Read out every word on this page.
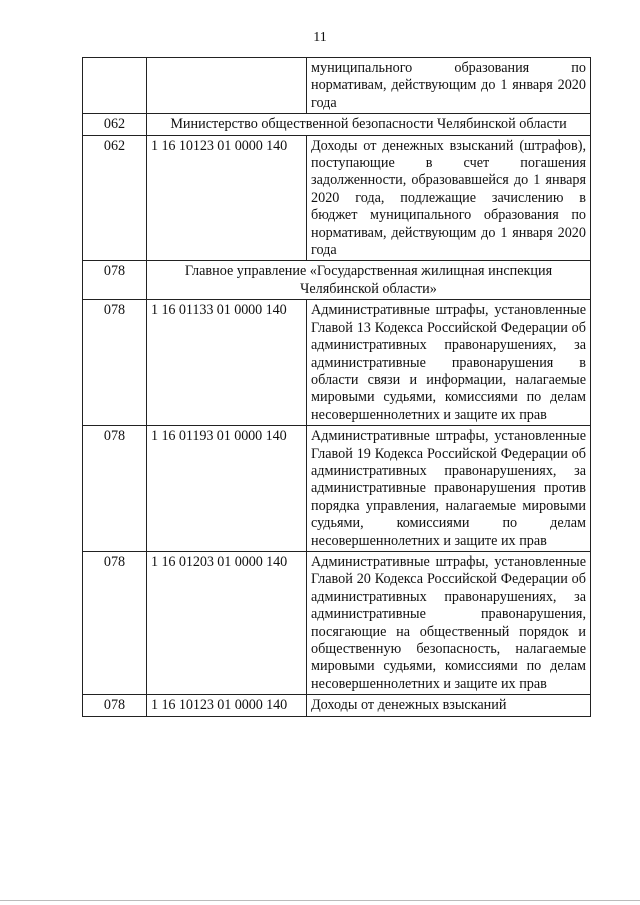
11
		муниципального образования по нормативам, действующим до 1 января 2020 года
062	Министерство общественной безопасности Челябинской области	
062	1 16 10123 01 0000 140	Доходы от денежных взысканий (штрафов), поступающие в счет погашения задолженности, образовавшейся до 1 января 2020 года, подлежащие зачислению в бюджет муниципального образования по нормативам, действующим до 1 января 2020 года
078	Главное управление «Государственная жилищная инспекция Челябинской области»	
078	1 16 01133 01 0000 140	Административные штрафы, установленные Главой 13 Кодекса Российской Федерации об административных правонарушениях, за административные правонарушения в области связи и информации, налагаемые мировыми судьями, комиссиями по делам несовершеннолетних и защите их прав
078	1 16 01193 01 0000 140	Административные штрафы, установленные Главой 19 Кодекса Российской Федерации об административных правонарушениях, за административные правонарушения против порядка управления, налагаемые мировыми судьями, комиссиями по делам несовершеннолетних и защите их прав
078	1 16 01203 01 0000 140	Административные штрафы, установленные Главой 20 Кодекса Российской Федерации об административных правонарушениях, за административные правонарушения, посягающие на общественный порядок и общественную безопасность, налагаемые мировыми судьями, комиссиями по делам несовершеннолетних и защите их прав
078	1 16 10123 01 0000 140	Доходы от денежных взысканий
